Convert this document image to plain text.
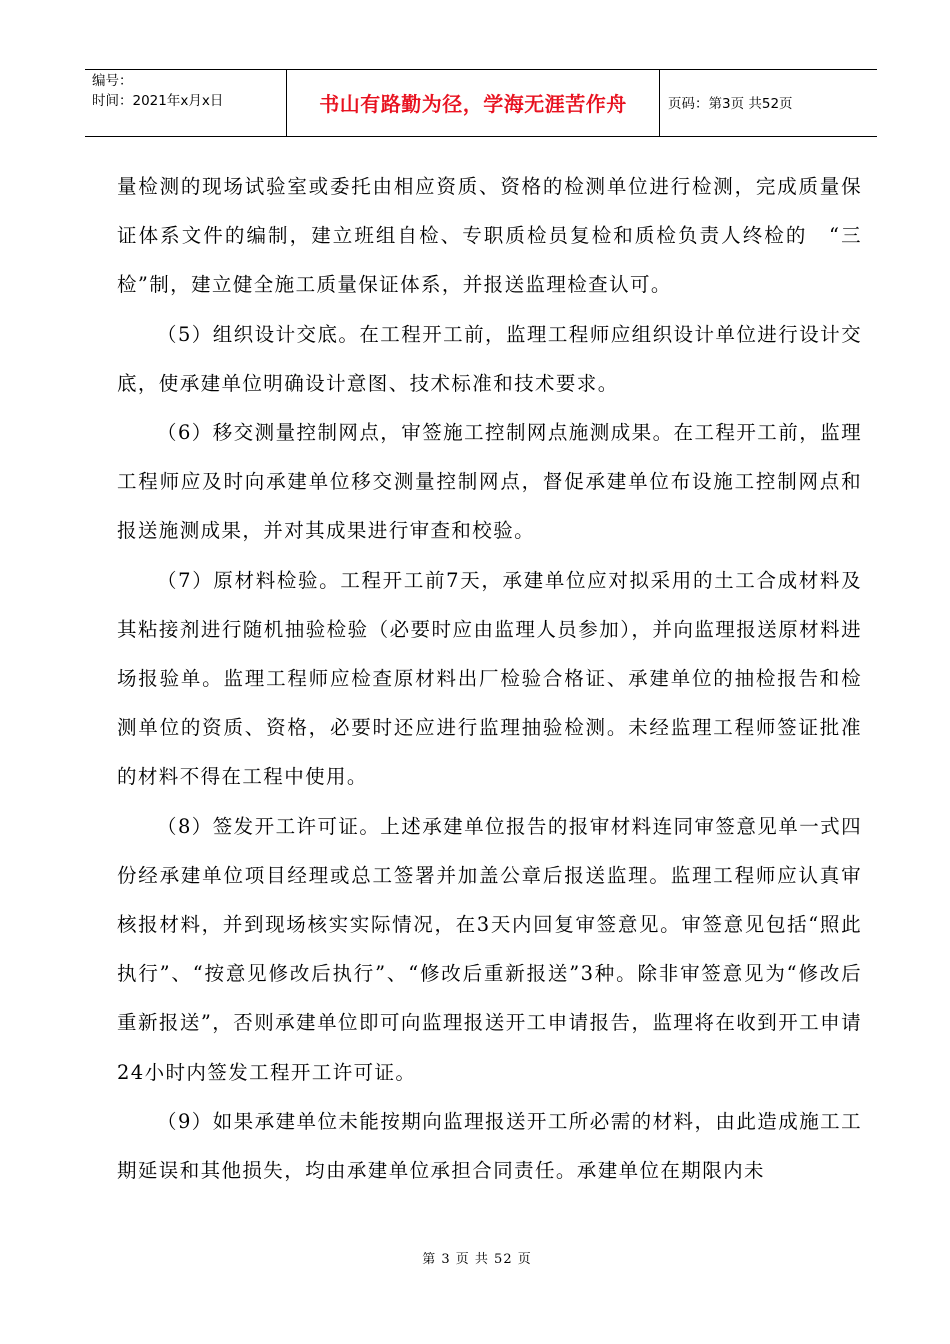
编号：
时间：2021年x月x日	书山有路勤为径，学海无涯苦作舟	页码：第3页 共52页

量检测的现场试验室或委托由相应资质、资格的检测单位进行检测，完成质量保证体系文件的编制，建立班组自检、专职质检员复检和质检负责人终检的　“三检”制，建立健全施工质量保证体系，并报送监理检查认可。

（5）组织设计交底。在工程开工前，监理工程师应组织设计单位进行设计交底，使承建单位明确设计意图、技术标准和技术要求。

（6）移交测量控制网点，审签施工控制网点施测成果。在工程开工前，监理工程师应及时向承建单位移交测量控制网点，督促承建单位布设施工控制网点和报送施测成果，并对其成果进行审查和校验。

（7）原材料检验。工程开工前7天，承建单位应对拟采用的土工合成材料及其粘接剂进行随机抽验检验（必要时应由监理人员参加），并向监理报送原材料进场报验单。监理工程师应检查原材料出厂检验合格证、承建单位的抽检报告和检测单位的资质、资格，必要时还应进行监理抽验检测。未经监理工程师签证批准的材料不得在工程中使用。

（8）签发开工许可证。上述承建单位报告的报审材料连同审签意见单一式四份经承建单位项目经理或总工签署并加盖公章后报送监理。监理工程师应认真审核报材料，并到现场核实实际情况，在3天内回复审签意见。审签意见包括“照此执行”、“按意见修改后执行”、“修改后重新报送”3种。除非审签意见为“修改后重新报送”，否则承建单位即可向监理报送开工申请报告，监理将在收到开工申请24小时内签发工程开工许可证。

（9）如果承建单位未能按期向监理报送开工所必需的材料，由此造成施工工期延误和其他损失，均由承建单位承担合同责任。承建单位在期限内未

第 3 页 共 52 页
